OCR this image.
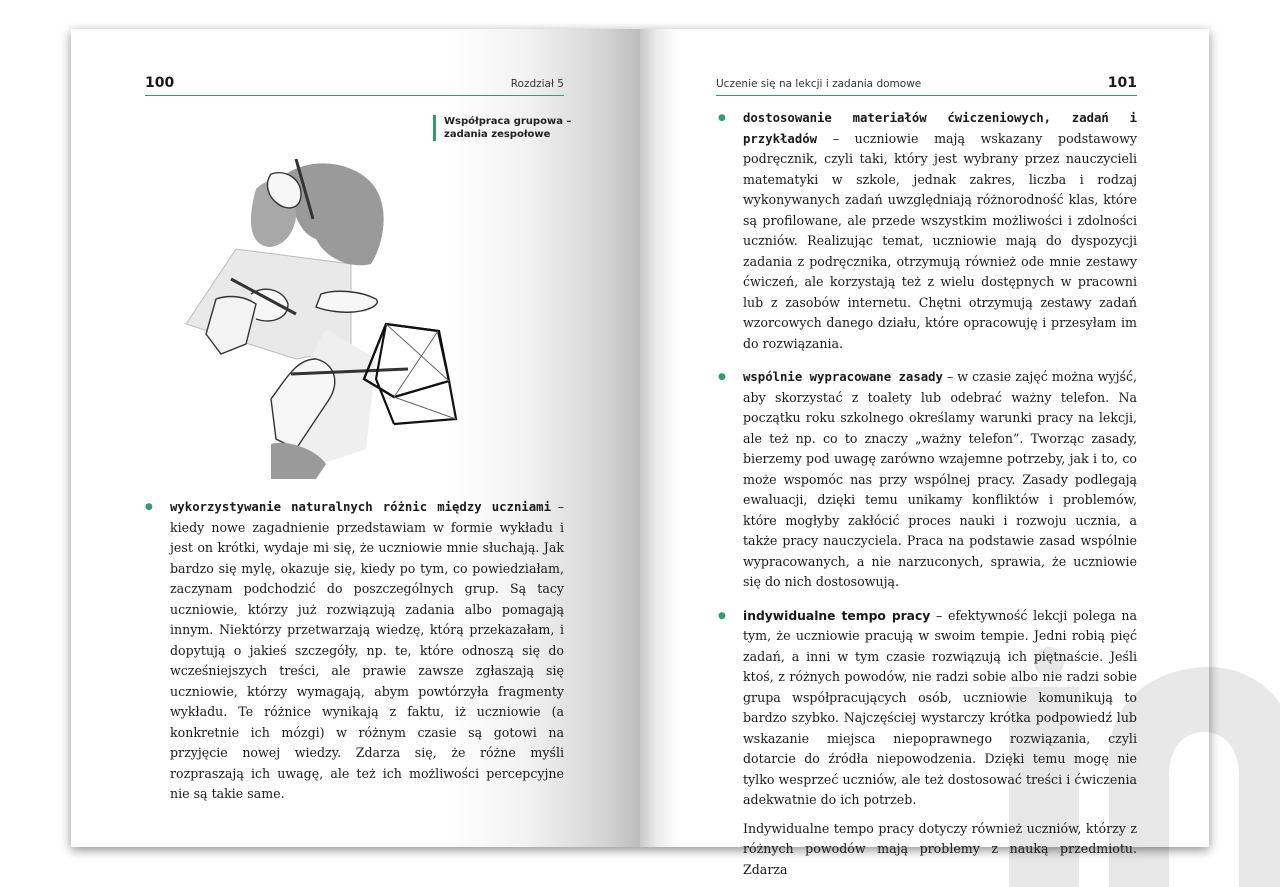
100	Rozdział 5
Współpraca grupowa – zadania zespołowe

● wykorzystywanie naturalnych różnic między uczniami – kiedy nowe zagadnienie przedstawiam w formie wykładu i jest on krótki, wydaje mi się, że uczniowie mnie słuchają. Jak bardzo się mylę, okazuje się, kiedy po tym, co powiedziałam, zaczynam podchodzić do poszczególnych grup. Są tacy uczniowie, którzy już rozwiązują zadania albo pomagają innym. Niektórzy przetwarzają wiedzę, którą przekazałam, i dopytują o jakieś szczegóły, np. te, które odnoszą się do wcześniejszych treści, ale prawie zawsze zgłaszają się uczniowie, którzy wymagają, abym powtórzyła fragmenty wykładu. Te różnice wynikają z faktu, iż uczniowie (a konkretnie ich mózgi) w różnym czasie są gotowi na przyjęcie nowej wiedzy. Zdarza się, że różne myśli rozpraszają ich uwagę, ale też ich możliwości percepcyjne nie są takie same.

Uczenie się na lekcji i zadania domowe	101

● dostosowanie materiałów ćwiczeniowych, zadań i przykładów – uczniowie mają wskazany podstawowy podręcznik, czyli taki, który jest wybrany przez nauczycieli matematyki w szkole, jednak zakres, liczba i rodzaj wykonywanych zadań uwzględniają różnorodność klas, które są profilowane, ale przede wszystkim możliwości i zdolności uczniów. Realizując temat, uczniowie mają do dyspozycji zadania z podręcznika, otrzymują również ode mnie zestawy ćwiczeń, ale korzystają też z wielu dostępnych w pracowni lub z zasobów internetu. Chętni otrzymują zestawy zadań wzorcowych danego działu, które opracowuję i przesyłam im do rozwiązania.

● wspólnie wypracowane zasady – w czasie zajęć można wyjść, aby skorzystać z toalety lub odebrać ważny telefon. Na początku roku szkolnego określamy warunki pracy na lekcji, ale też np. co to znaczy „ważny telefon”. Tworząc zasady, bierzemy pod uwagę zarówno wzajemne potrzeby, jak i to, co może wspomóc nas przy wspólnej pracy. Zasady podlegają ewaluacji, dzięki temu unikamy konfliktów i problemów, które mogłyby zakłócić proces nauki i rozwoju ucznia, a także pracy nauczyciela. Praca na podstawie zasad wspólnie wypracowanych, a nie narzuconych, sprawia, że uczniowie się do nich dostosowują.

● indywidualne tempo pracy – efektywność lekcji polega na tym, że uczniowie pracują w swoim tempie. Jedni robią pięć zadań, a inni w tym czasie rozwiązują ich piętnaście. Jeśli ktoś, z różnych powodów, nie radzi sobie albo nie radzi sobie grupa współpracujących osób, uczniowie komunikują to bardzo szybko. Najczęściej wystarczy krótka podpowiedź lub wskazanie miejsca niepoprawnego rozwiązania, czyli dotarcie do źródła niepowodzenia. Dzięki temu mogę nie tylko wesprzeć uczniów, ale też dostosować treści i ćwiczenia adekwatnie do ich potrzeb.

Indywidualne tempo pracy dotyczy również uczniów, którzy z różnych powodów mają problemy z nauką przedmiotu. Zdarza
